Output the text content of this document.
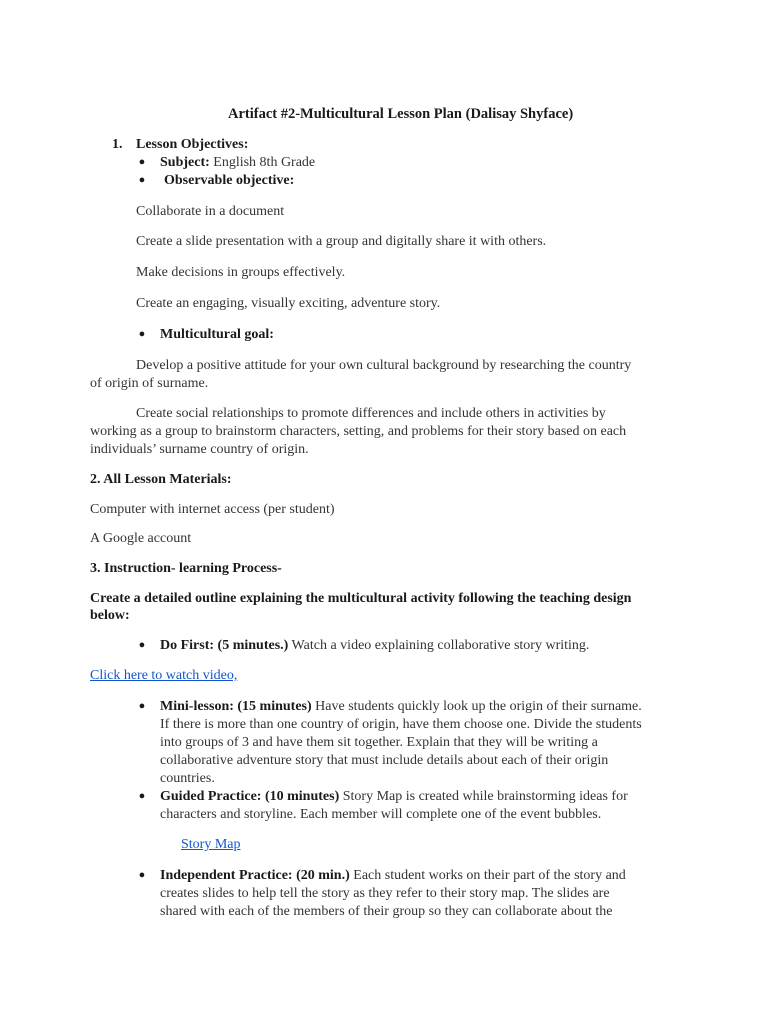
Artifact #2-Multicultural Lesson Plan (Dalisay Shyface)
1. Lesson Objectives:
● Subject: English 8th Grade
● Observable objective:
Collaborate in a document
Create a slide presentation with a group and digitally share it with others.
Make decisions in groups effectively.
Create an engaging, visually exciting, adventure story.
● Multicultural goal:
Develop a positive attitude for your own cultural background by researching the country
of origin of surname.
Create social relationships to promote differences and include others in activities by
working as a group to brainstorm characters, setting, and problems for their story based on each
individuals’ surname country of origin.
2. All Lesson Materials:
Computer with internet access (per student)
A Google account
3. Instruction- learning Process-
Create a detailed outline explaining the multicultural activity following the teaching design
below:
● Do First: (5 minutes.) Watch a video explaining collaborative story writing.
Click here to watch video,
● Mini-lesson: (15 minutes) Have students quickly look up the origin of their surname.
If there is more than one country of origin, have them choose one. Divide the students
into groups of 3 and have them sit together. Explain that they will be writing a
collaborative adventure story that must include details about each of their origin
countries.
● Guided Practice: (10 minutes) Story Map is created while brainstorming ideas for
characters and storyline. Each member will complete one of the event bubbles.
Story Map
● Independent Practice: (20 min.) Each student works on their part of the story and
creates slides to help tell the story as they refer to their story map. The slides are
shared with each of the members of their group so they can collaborate about the
